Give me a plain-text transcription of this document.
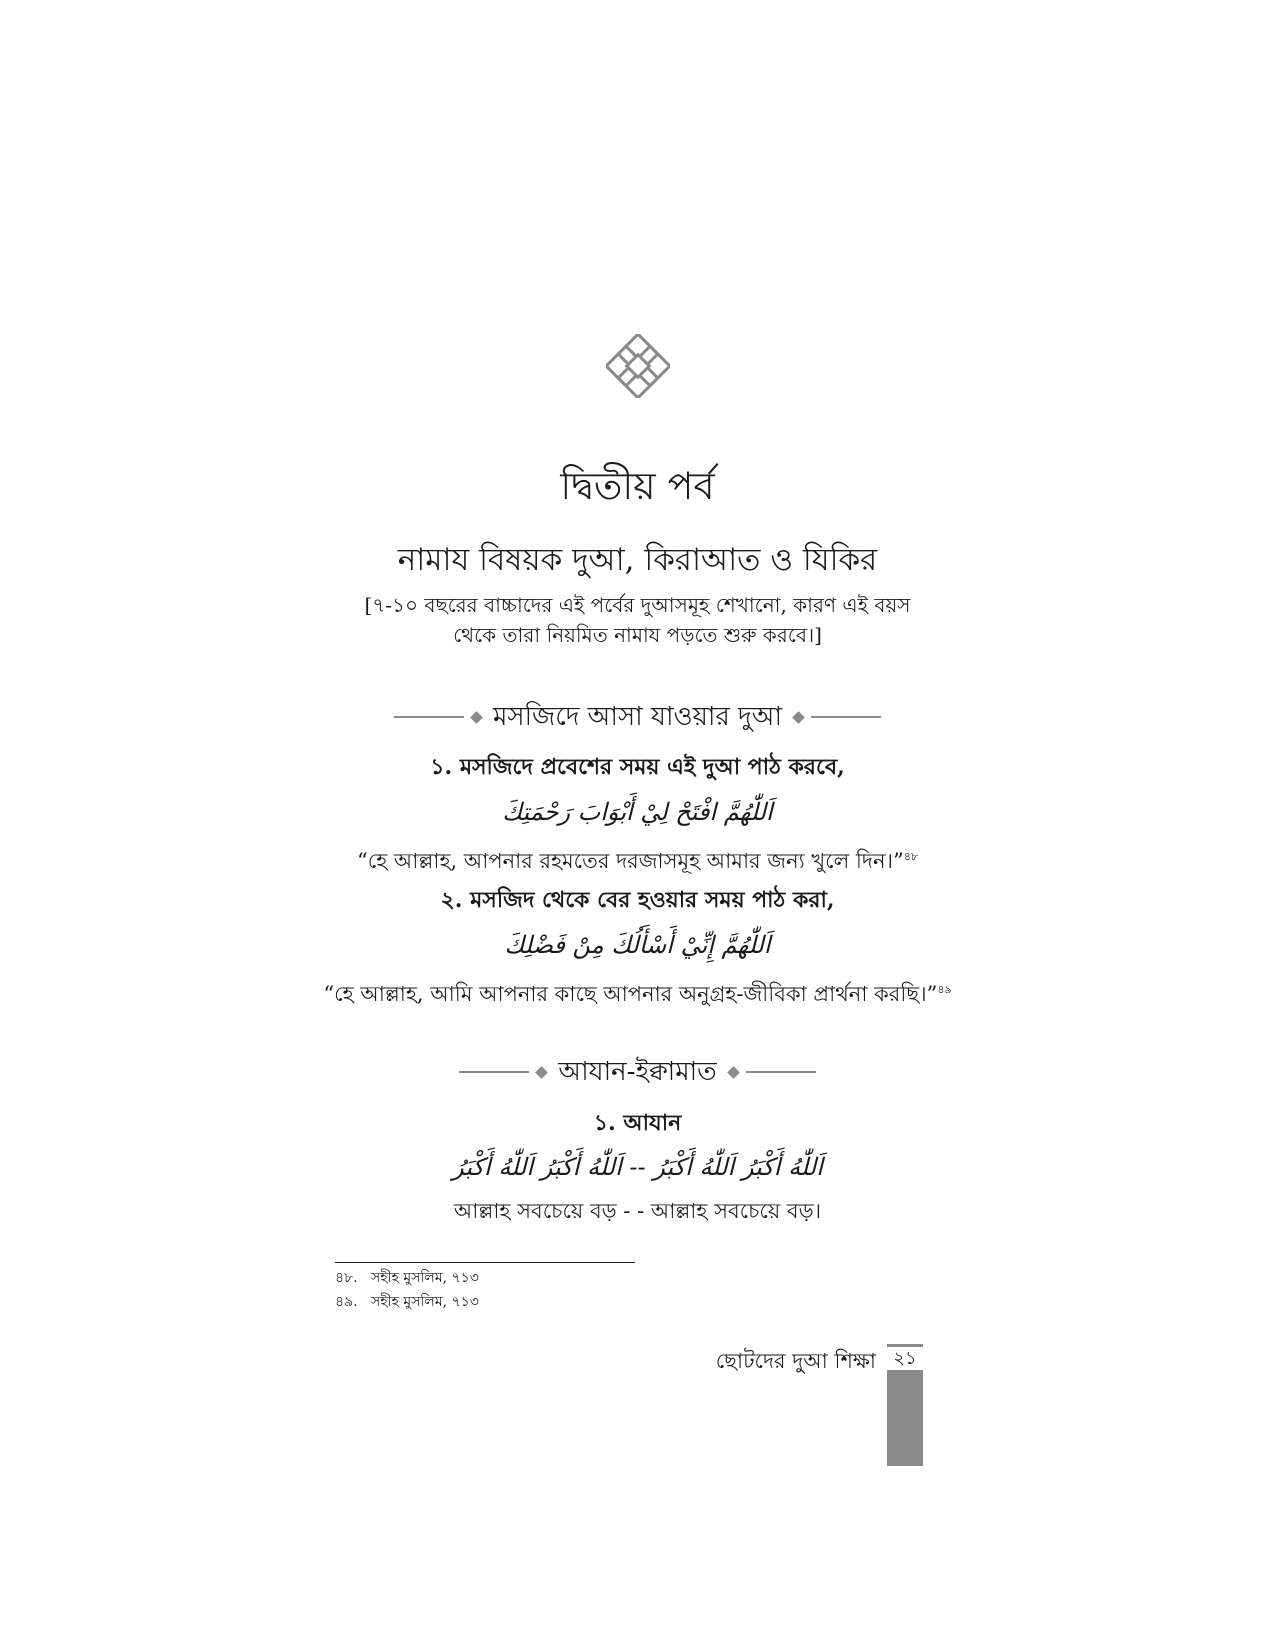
দ্বিতীয় পর্ব
নামায বিষয়ক দুআ, কিরাআত ও যিকির
[৭-১০ বছরের বাচ্চাদের এই পর্বের দুআসমূহ শেখানো, কারণ এই বয়স
থেকে তারা নিয়মিত নামায পড়তে শুরু করবে।]
মসজিদে আসা যাওয়ার দুআ
১. মসজিদে প্রবেশের সময় এই দুআ পাঠ করবে,
اَللّٰهُمَّ افْتَحْ لِيْ أَبْوَابَ رَحْمَتِكَ
“হে আল্লাহ, আপনার রহমতের দরজাসমূহ আমার জন্য খুলে দিন।”$^{৪৮}$
২. মসজিদ থেকে বের হওয়ার সময় পাঠ করা,
اَللّٰهُمَّ إِنِّيْ أَسْأَلُكَ مِنْ فَضْلِكَ
“হে আল্লাহ, আমি আপনার কাছে আপনার অনুগ্রহ-জীবিকা প্রার্থনা করছি।”$^{৪৯}$
আযান-ইক্বামাত
১. আযান
اَللّٰهُ أَكْبَرُ اَللّٰهُ أَكْبَرُ -- اَللّٰهُ أَكْبَرُ اَللّٰهُ أَكْبَرُ
আল্লাহ সবচেয়ে বড় - - আল্লাহ সবচেয়ে বড়।
৪৮.   সহীহ মুসলিম, ৭১৩
৪৯.   সহীহ মুসলিম, ৭১৩
ছোটদের দুআ শিক্ষা ২১
